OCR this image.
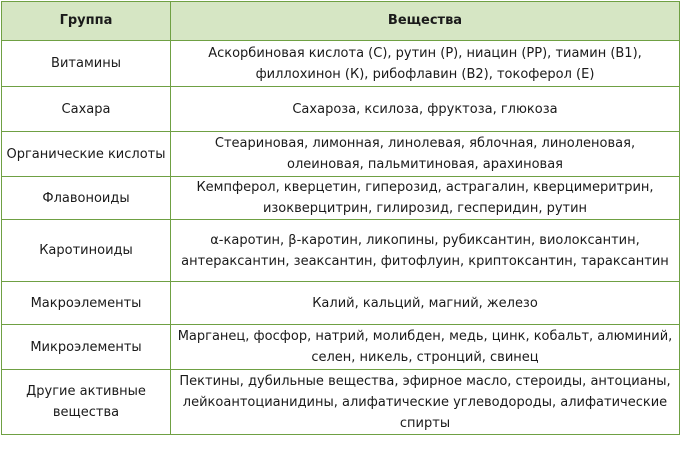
Группа	Вещества
Витамины	Аскорбиновая кислота (С), рутин (Р), ниацин (РР), тиамин (В1), филлохинон (К), рибофлавин (В2), токоферол (Е)
Сахара	Сахароза, ксилоза, фруктоза, глюкоза
Органические кислоты	Стеариновая, лимонная, линолевая, яблочная, линоленовая, олеиновая, пальмитиновая, арахиновая
Флавоноиды	Кемпферол, кверцетин, гиперозид, астрагалин, кверцимеритрин, изокверцитрин, гилирозид, гесперидин, рутин
Каротиноиды	α-каротин, β-каротин, ликопины, рубиксантин, виолоксантин, антераксантин, зеаксантин, фитофлуин, криптоксантин, тараксантин
Макроэлементы	Калий, кальций, магний, железо
Микроэлементы	Марганец, фосфор, натрий, молибден, медь, цинк, кобальт, алюминий, селен, никель, стронций, свинец
Другие активные вещества	Пектины, дубильные вещества, эфирное масло, стероиды, антоцианы, лейкоантоцианидины, алифатические углеводороды, алифатические спирты
